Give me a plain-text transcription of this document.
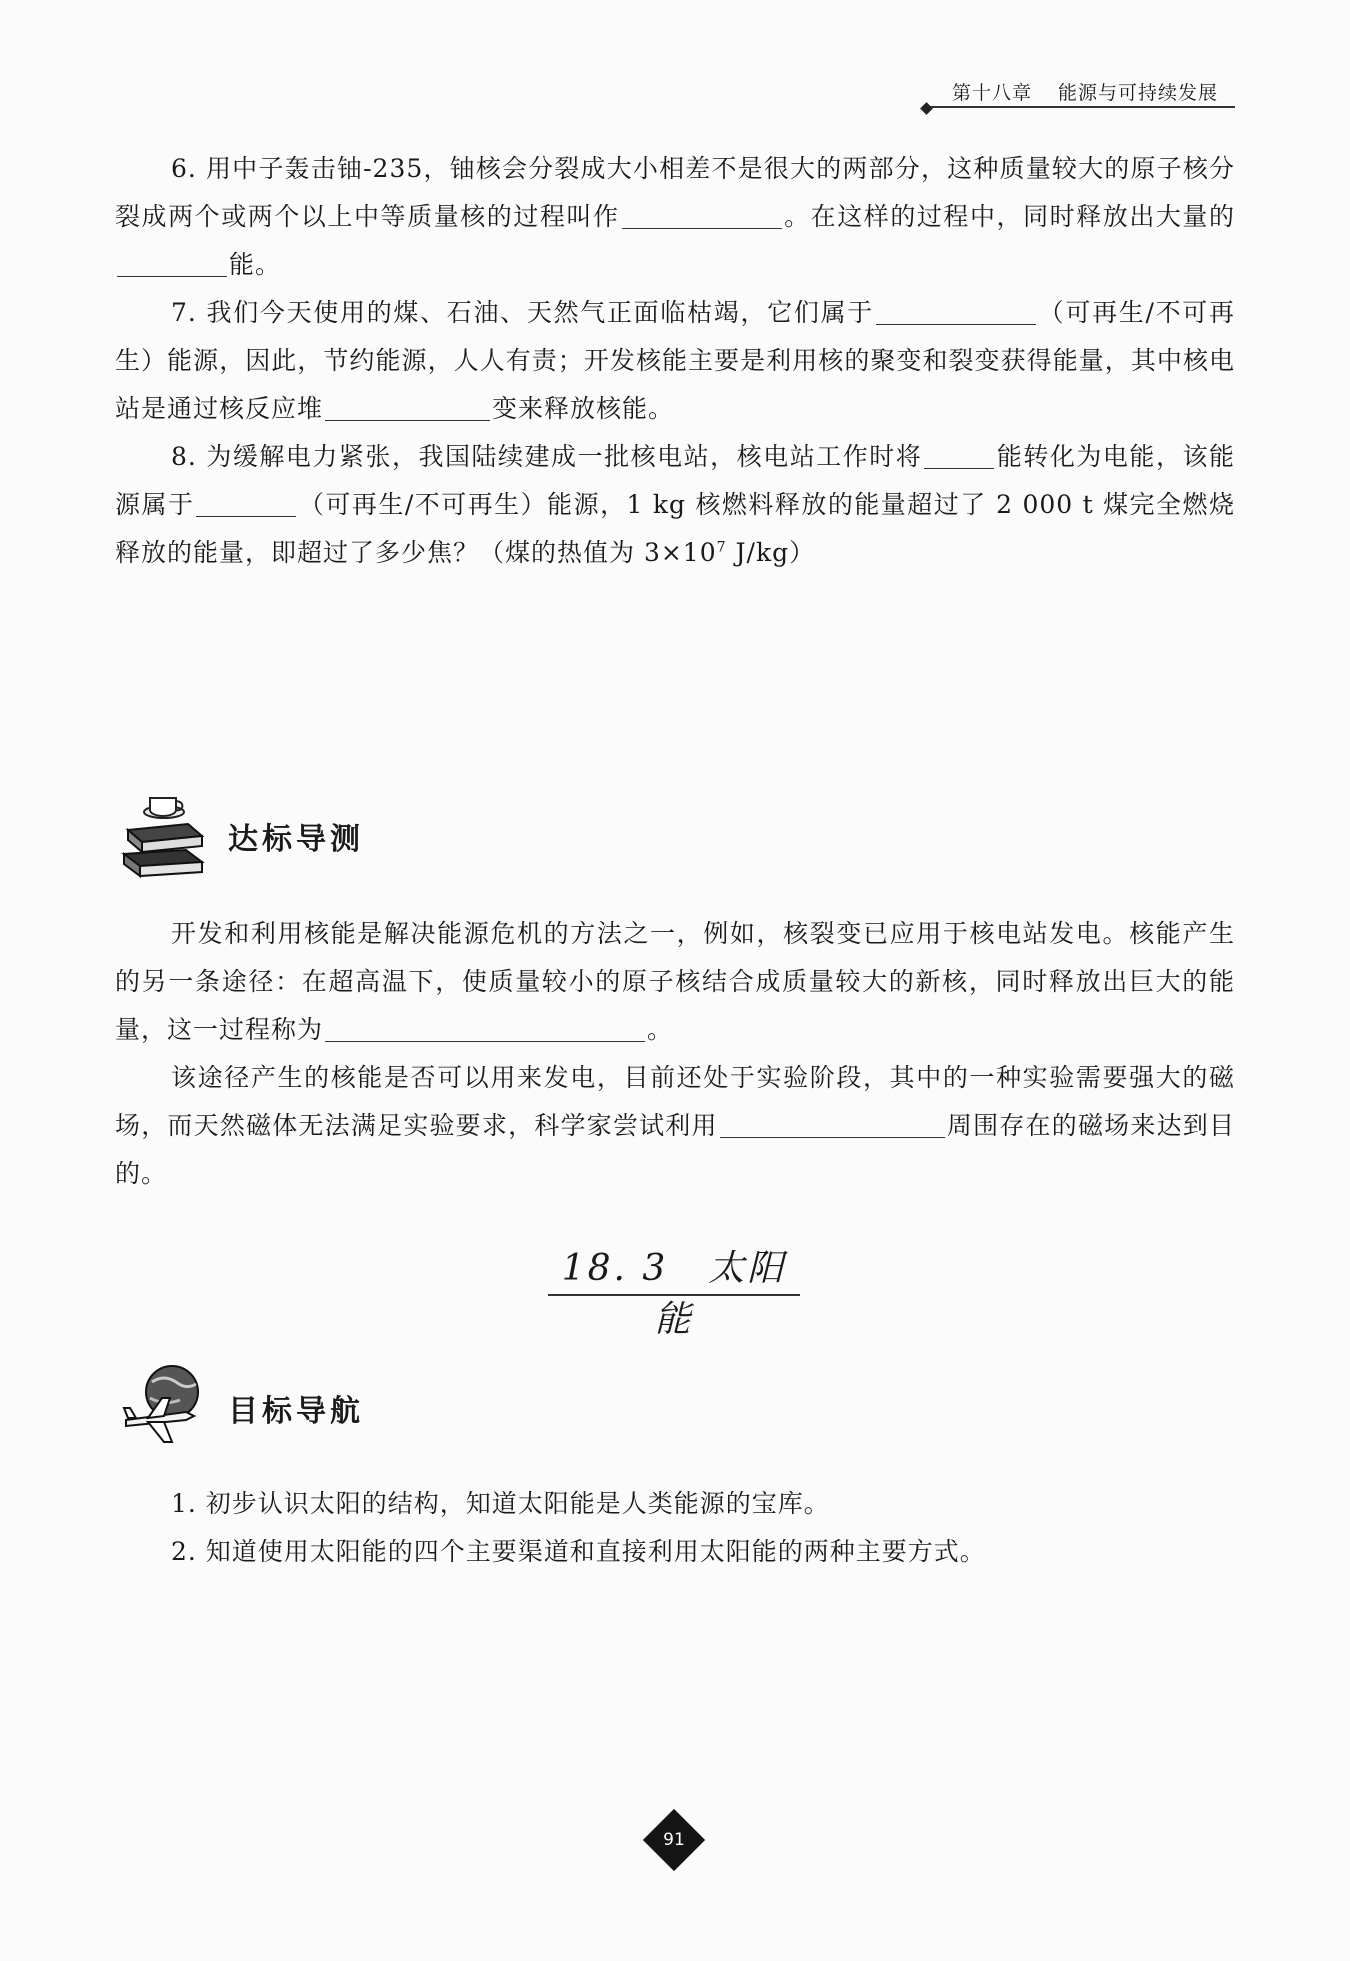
第十八章 能源与可持续发展

6. 用中子轰击铀-235，铀核会分裂成大小相差不是很大的两部分，这种质量较大的原子核分裂成两个或两个以上中等质量核的过程叫作	。在这样的过程中，同时释放出大量的能。

7. 我们今天使用的煤、石油、天然气正面临枯竭，它们属于	（可再生/不可再生）能源，因此，节约能源，人人有责；开发核能主要是利用核的聚变和裂变获得能量，其中核电站是通过核反应堆	变来释放核能。

8. 为缓解电力紧张，我国陆续建成一批核电站，核电站工作时将	能转化为电能，该能源属于	（可再生/不可再生）能源，1 kg 核燃料释放的能量超过了 2 000 t 煤完全燃烧释放的能量，即超过了多少焦？（煤的热值为 $3\times 10^7$ J/kg）

达标导测

开发和利用核能是解决能源危机的方法之一，例如，核裂变已应用于核电站发电。核能产生的另一条途径：在超高温下，使质量较小的原子核结合成质量较大的新核，同时释放出巨大的能量，这一过程称为	。

该途径产生的核能是否可以用来发电，目前还处于实验阶段，其中的一种实验需要强大的磁场，而天然磁体无法满足实验要求，科学家尝试利用	周围存在的磁场来达到目的。

18. 3 太阳能
目标导航

1. 初步认识太阳的结构，知道太阳能是人类能源的宝库。

2. 知道使用太阳能的四个主要渠道和直接利用太阳能的两种主要方式。

91
